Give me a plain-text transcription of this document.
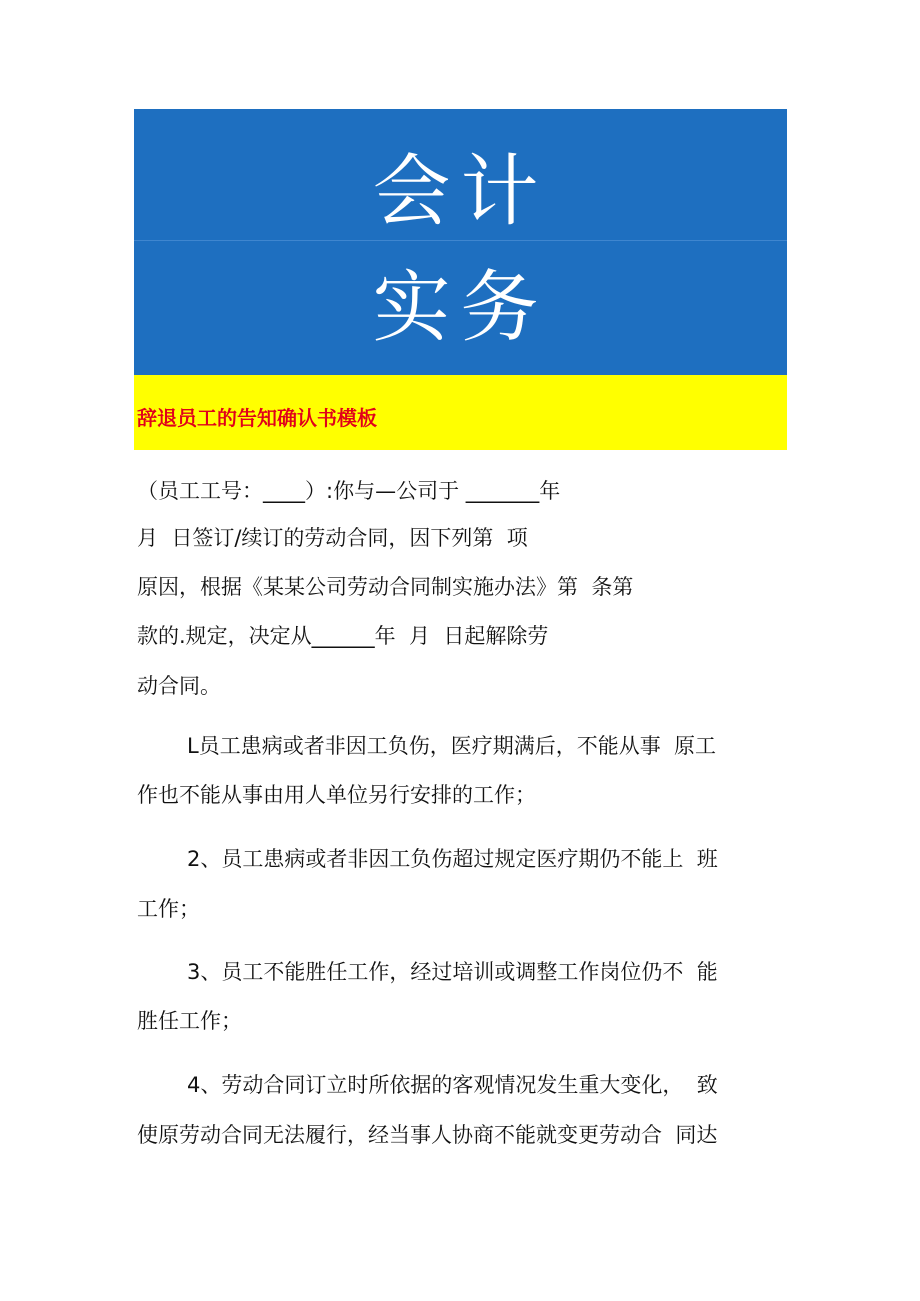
会计
实务
辞退员工的告知确认书模板
（员工工号：____）:你与—公司于 _______年
月  日签订/续订的劳动合同，因下列第  项
原因，根据《某某公司劳动合同制实施办法》第  条第
款的.规定，决定从______年  月  日起解除劳
动合同。
L员工患病或者非因工负伤，医疗期满后，不能从事  原工
作也不能从事由用人单位另行安排的工作；
2、员工患病或者非因工负伤超过规定医疗期仍不能上  班
工作；
3、员工不能胜任工作，经过培训或调整工作岗位仍不  能
胜任工作；
4、劳动合同订立时所依据的客观情况发生重大变化，  致
使原劳动合同无法履行，经当事人协商不能就变更劳动合  同达
